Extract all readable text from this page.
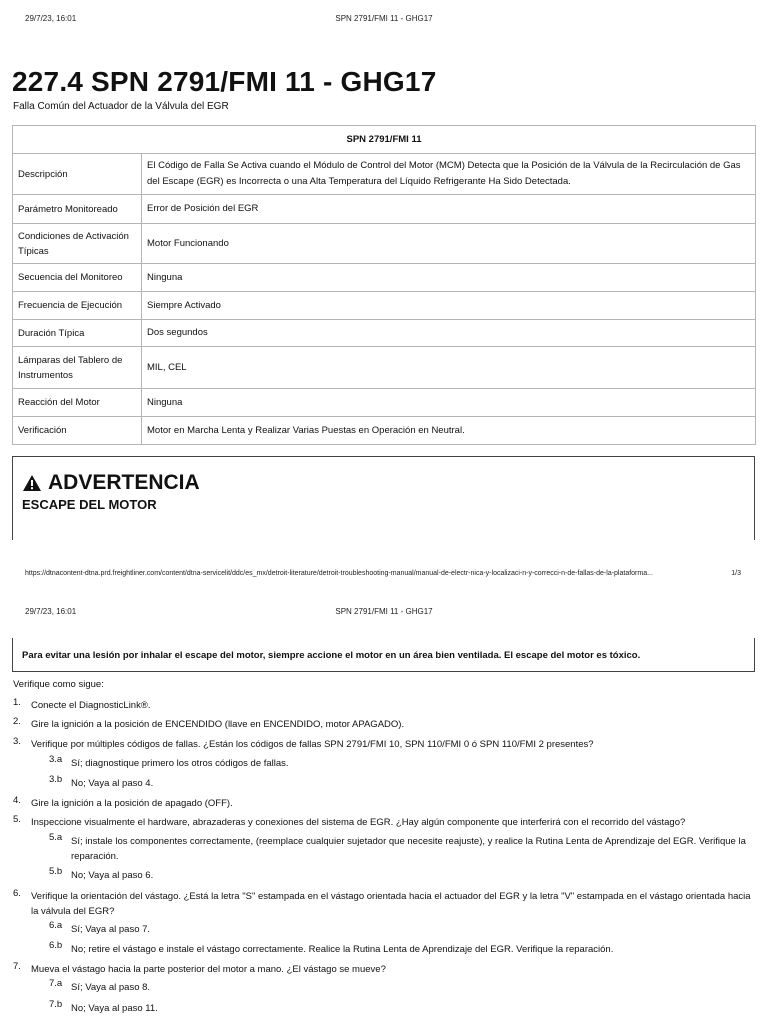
29/7/23, 16:01	SPN 2791/FMI 11 - GHG17
227.4 SPN 2791/FMI 11 - GHG17
Falla Común del Actuador de la Válvula del EGR
SPN 2791/FMI 11	
Descripción	El Código de Falla Se Activa cuando el Módulo de Control del Motor (MCM) Detecta que la Posición de la Válvula de la Recirculación de Gas del Escape (EGR) es Incorrecta o una Alta Temperatura del Líquido Refrigerante Ha Sido Detectada.
Parámetro Monitoreado	Error de Posición del EGR
Condiciones de Activación Típicas	Motor Funcionando
Secuencia del Monitoreo	Ninguna
Frecuencia de Ejecución	Siempre Activado
Duración Típica	Dos segundos
Lámparas del Tablero de Instrumentos	MIL, CEL
Reacción del Motor	Ninguna
Verificación	Motor en Marcha Lenta y Realizar Varias Puestas en Operación en Neutral.
ADVERTENCIA
ESCAPE DEL MOTOR
https://dtnacontent-dtna.prd.freightliner.com/content/dtna-servicelit/ddc/es_mx/detroit-literature/detroit-troubleshooting-manual/manual-de-electr-nica-y-localizaci-n-y-correcci-n-de-fallas-de-la-plataforma...	1/3
29/7/23, 16:01	SPN 2791/FMI 11 - GHG17
Para evitar una lesión por inhalar el escape del motor, siempre accione el motor en un área bien ventilada. El escape del motor es tóxico.
Verifique como sigue:
1. Conecte el DiagnosticLink®.
2. Gire la ignición a la posición de ENCENDIDO (llave en ENCENDIDO, motor APAGADO).
3. Verifique por múltiples códigos de fallas. ¿Están los códigos de fallas SPN 2791/FMI 10, SPN 110/FMI 0 ó SPN 110/FMI 2 presentes?
3.a Sí; diagnostique primero los otros códigos de fallas.
3.b No; Vaya al paso 4.
4. Gire la ignición a la posición de apagado (OFF).
5. Inspeccione visualmente el hardware, abrazaderas y conexiones del sistema de EGR. ¿Hay algún componente que interferirá con el recorrido del vástago?
5.a Sí; instale los componentes correctamente, (reemplace cualquier sujetador que necesite reajuste), y realice la Rutina Lenta de Aprendizaje del EGR. Verifique la reparación.
5.b No; Vaya al paso 6.
6. Verifique la orientación del vástago. ¿Está la letra "S" estampada en el vástago orientada hacia el actuador del EGR y la letra "V" estampada en el vástago orientada hacia la válvula del EGR?
6.a Sí; Vaya al paso 7.
6.b No; retire el vástago e instale el vástago correctamente. Realice la Rutina Lenta de Aprendizaje del EGR. Verifique la reparación.
7. Mueva el vástago hacia la parte posterior del motor a mano. ¿El vástago se mueve?
7.a Sí; Vaya al paso 8.
7.b No; Vaya al paso 11.
